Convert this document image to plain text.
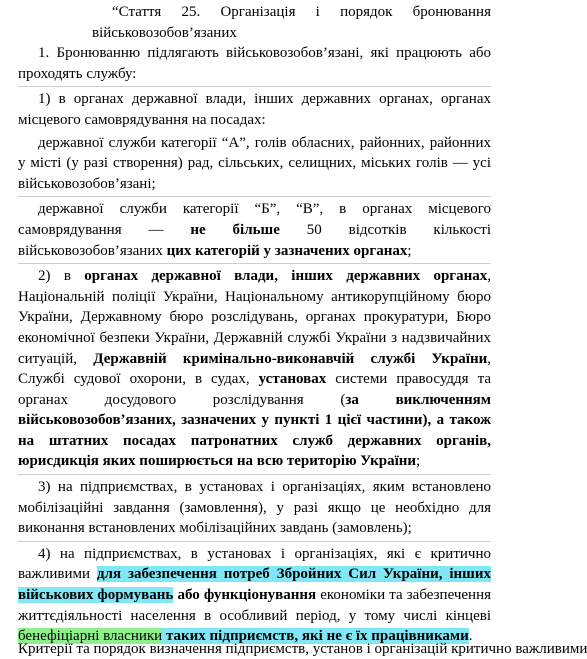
“Стаття 25. Організація і порядок бронювання військовозобов’язаних

1. Бронюванню підлягають військовозобов’язані, які працюють або проходять службу:

1) в органах державної влади, інших державних органах, органах місцевого самоврядування на посадах:

державної служби категорії “А”, голів обласних, районних, районних у місті (у разі створення) рад, сільських, селищних, міських голів — усі військовозобов’язані;

державної служби категорії “Б”, “В”, в органах місцевого самоврядування — не більше 50 відсотків кількості військовозобов’язаних цих категорій у зазначених органах;

2) в органах державної влади, інших державних органах, Національній поліції України, Національному антикорупційному бюро України, Державному бюро розслідувань, органах прокуратури, Бюро економічної безпеки України, Державній службі України з надзвичайних ситуацій, Державній кримінально-виконавчій службі України, Службі судової охорони, в судах, установах системи правосуддя та органах досудового розслідування (за виключенням військовозобов’язаних, зазначених у пункті 1 цієї частини), а також на штатних посадах патронатних служб державних органів, юрисдикція яких поширюється на всю територію України;

3) на підприємствах, в установах і організаціях, яким встановлено мобілізаційні завдання (замовлення), у разі якщо це необхідно для виконання встановлених мобілізаційних завдань (замовлень);

4) на підприємствах, в установах і організаціях, які є критично важливими для забезпечення потреб Збройних Сил України, інших військових формувань або функціонування економіки та забезпечення життєдіяльності населення в особливий період, у тому числі кінцеві бенефіціарні власники таких підприємств, які не є їх працівниками.

Критерії та порядок визначення підприємств, установ і організацій критично важливими
